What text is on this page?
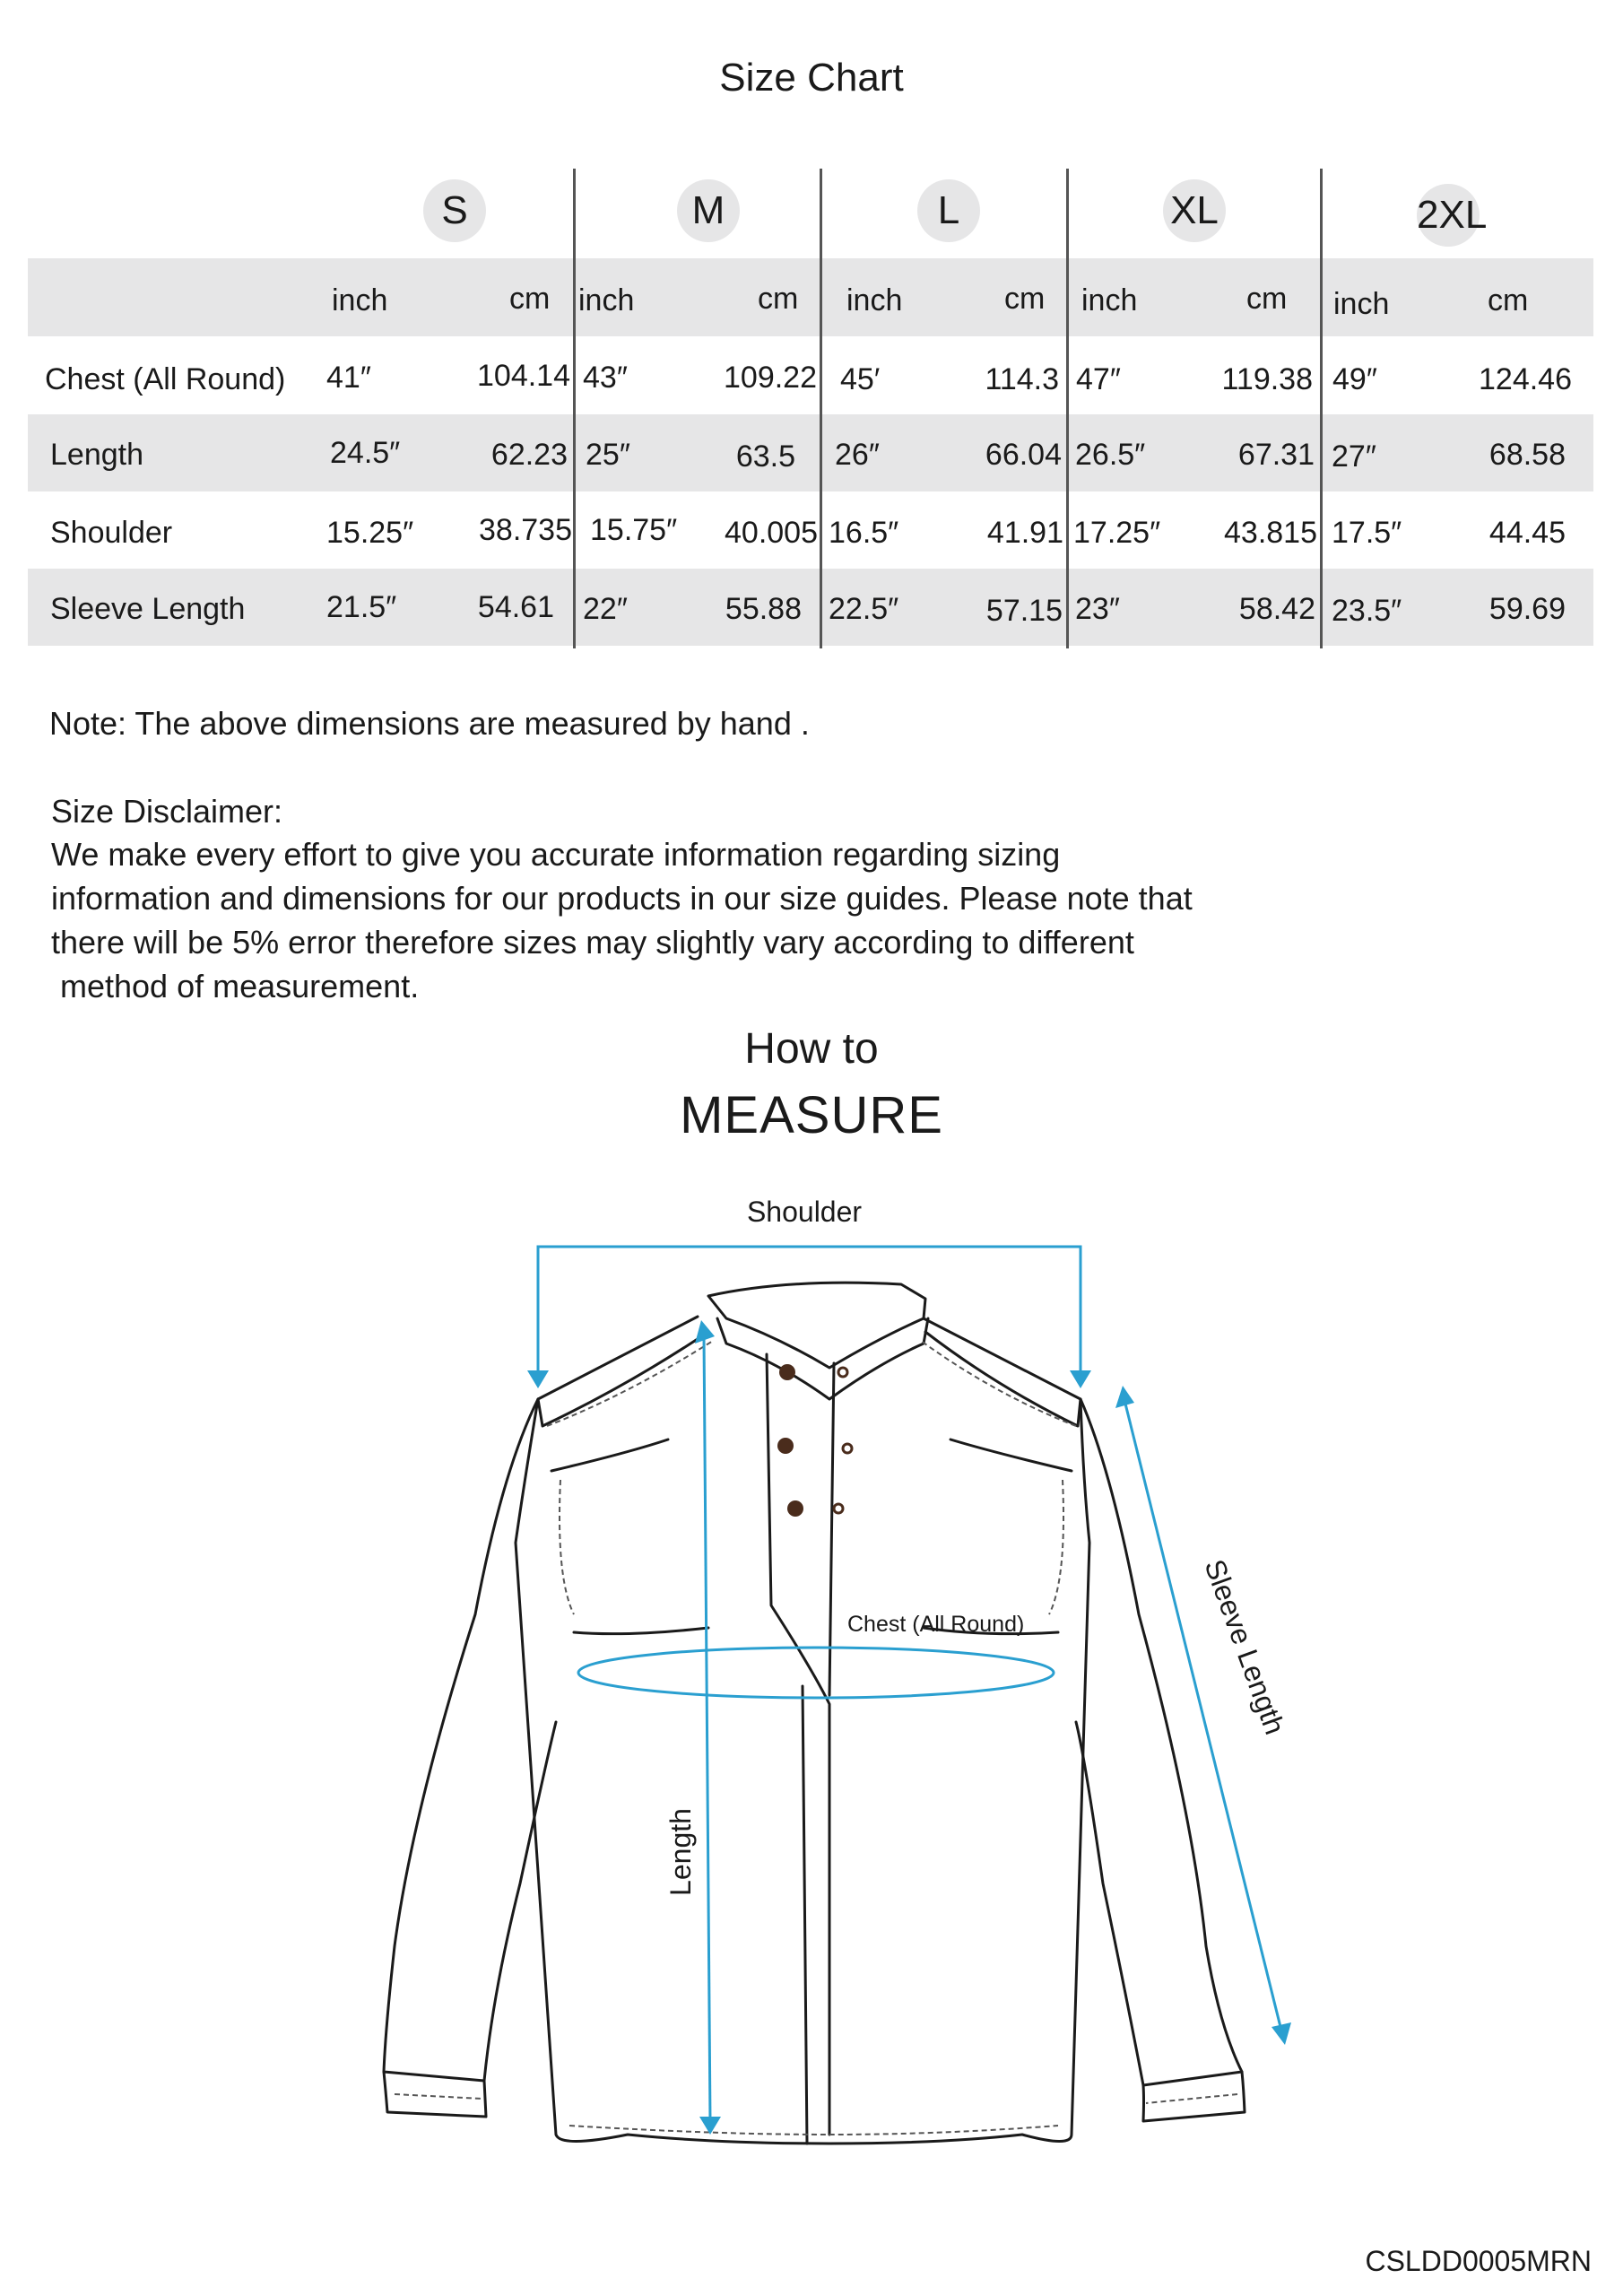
Size Chart
S	M	L	XL	2XL
inch	cm inch	cm inch	cm inch	cm inch	cm
Chest (All Round) 41″	104.14 43″	109.22 45′	114.3 47″	119.38 49″	124.46
Length	24.5″	62.23 25″	63.5 26″	66.04 26.5″	67.31 27″	68.58
Shoulder	15.25″	38.735 15.75″	40.005 16.5″	41.91 17.25″	43.815 17.5″	44.45
Sleeve Length	21.5″	54.61 22″	55.88 22.5″	57.15 23″	58.42 23.5″	59.69
Note: The above dimensions are measured by hand .
Size Disclaimer:
We make every effort to give you accurate information regarding sizing
information and dimensions for our products in our size guides. Please note that
there will be 5% error therefore sizes may slightly vary according to different
method of measurement.
How to
MEASURE
Shoulder
Chest (All Round)
Length
Sleeve Length
CSLDD0005MRN
